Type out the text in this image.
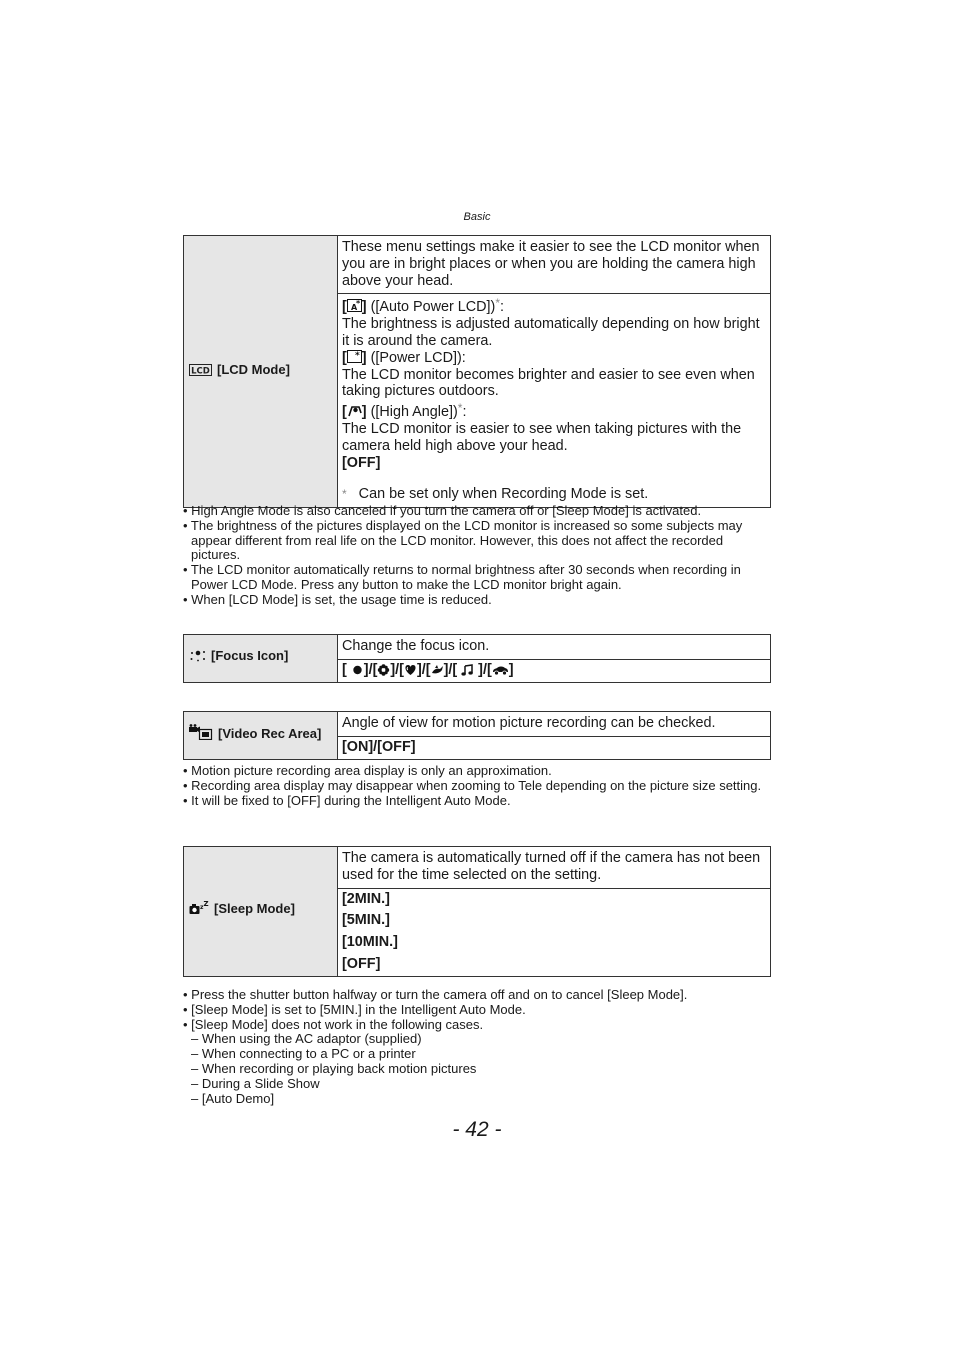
Basic
LCD [LCD Mode]	These menu settings make it easier to see the LCD monitor when you are in bright places or when you are holding the camera high above your head.

[ A
* ] ([Auto Power LCD])*:
The brightness is adjusted automatically depending on how bright it is around the camera.
[ * ] ([Power LCD]):
The LCD monitor becomes brighter and easier to see even when taking pictures outdoors.
[ ] ([High Angle])*:
The LCD monitor is easier to see when taking pictures with the camera held high above your head.
[OFF]
* Can be set only when Recording Mode is set.
• High Angle Mode is also canceled if you turn the camera off or [Sleep Mode] is activated.
• The brightness of the pictures displayed on the LCD monitor is increased so some subjects may appear different from real life on the LCD monitor. However, this does not affect the recorded pictures.
• The LCD monitor automatically returns to normal brightness after 30 seconds when recording in Power LCD Mode. Press any button to make the LCD monitor bright again.
• When [LCD Mode] is set, the usage time is reduced.
[Focus Icon]	Change the focus icon.
[ ]/[ ]/[ ]/[ ]/[ ]/[ ]
[Video Rec Area]	Angle of view for motion picture recording can be checked.
[ON]/[OFF]
• Motion picture recording area display is only an approximation.
• Recording area display may disappear when zooming to Tele depending on the picture size setting.
• It will be fixed to [OFF] during the Intelligent Auto Mode.
z Z [Sleep Mode]	The camera is automatically turned off if the camera has not been used for the time selected on the setting.
[2MIN.]
[5MIN.]
[10MIN.]
[OFF]
• Press the shutter button halfway or turn the camera off and on to cancel [Sleep Mode].
• [Sleep Mode] is set to [5MIN.] in the Intelligent Auto Mode.
• [Sleep Mode] does not work in the following cases.
– When using the AC adaptor (supplied)
– When connecting to a PC or a printer
– When recording or playing back motion pictures
– During a Slide Show
– [Auto Demo]
- 42 -
